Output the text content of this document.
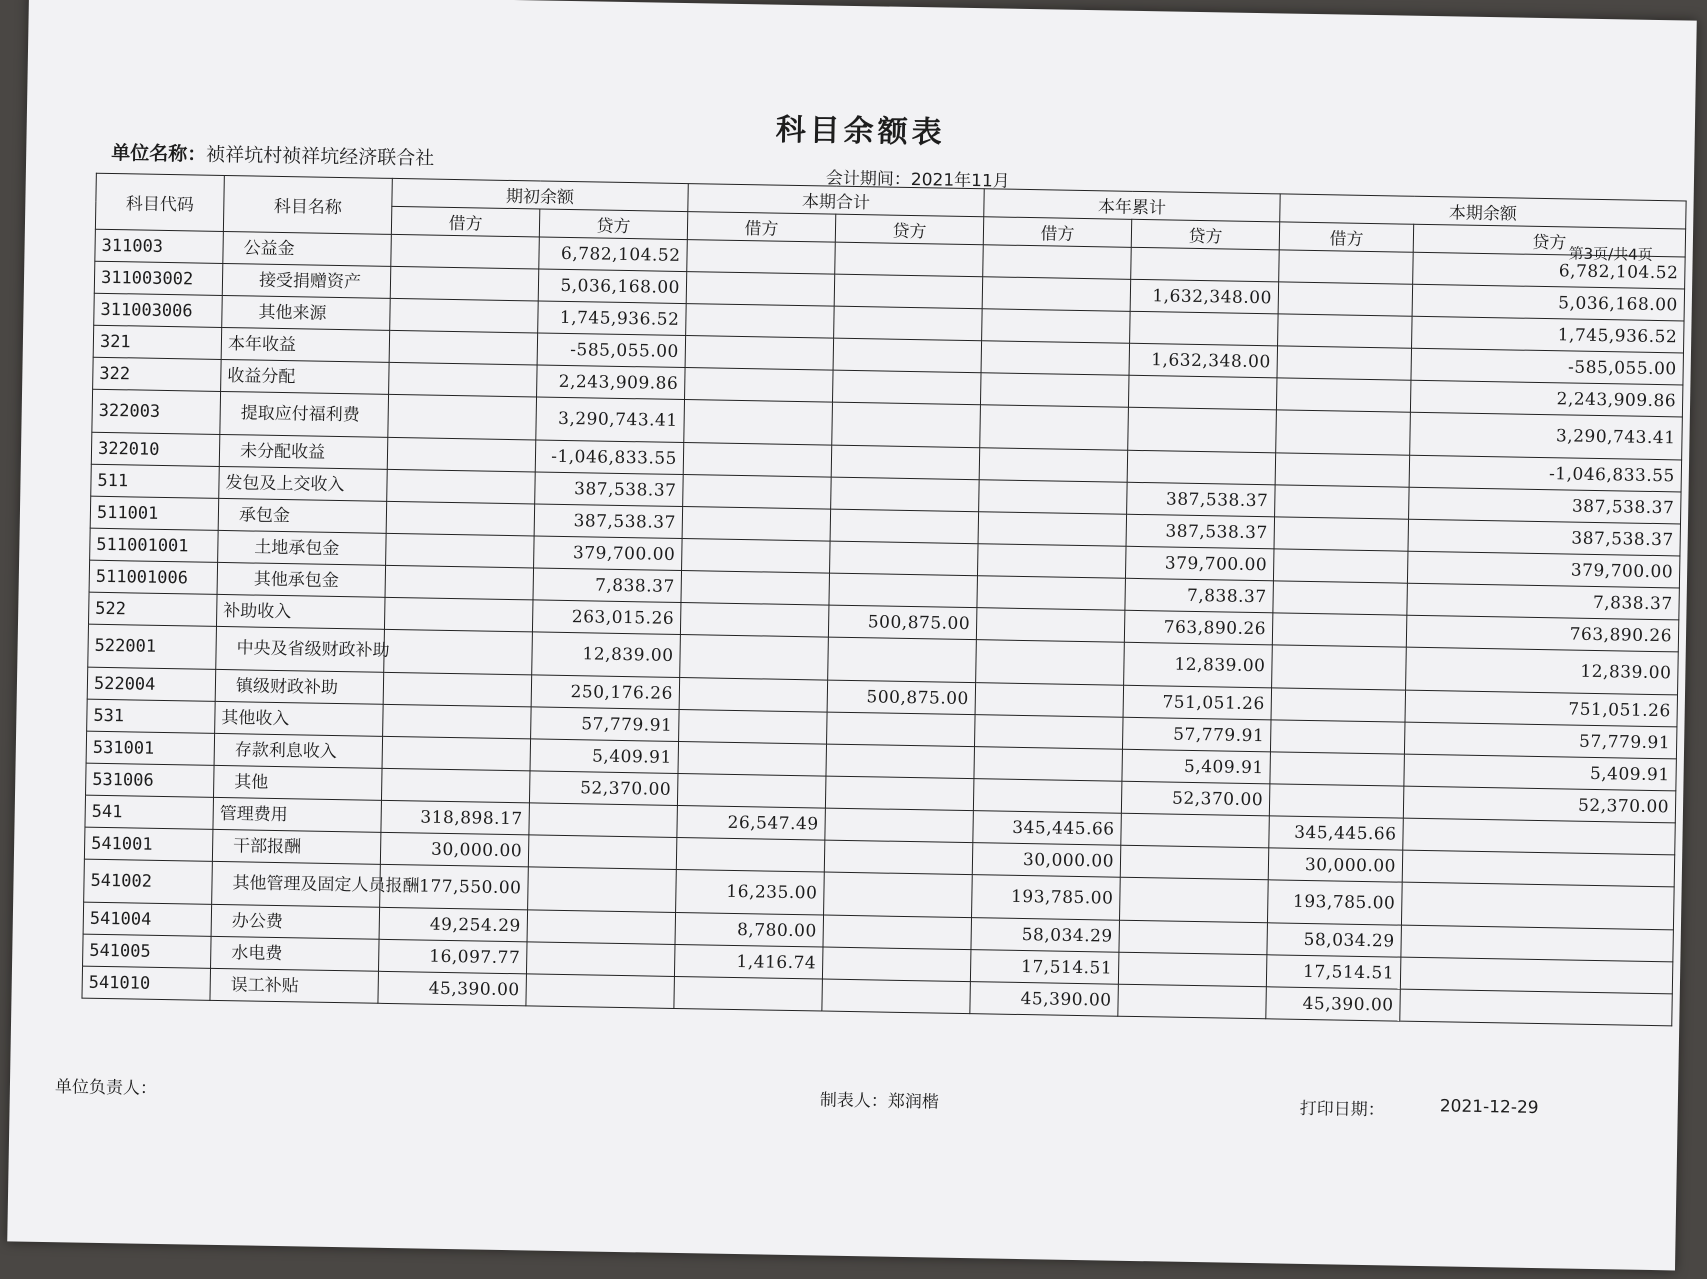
科目余额表
单位名称：祯祥坑村祯祥坑经济联合社
会计期间：2021年11月
第3页/共4页
科目代码	科目名称	期初余额		本期合计		本年累计		本期余额	
		借方	贷方	借方	贷方	借方	贷方	借方	贷方
311003	公益金		6,782,104.52						6,782,104.52
311003002	接受捐赠资产		5,036,168.00				1,632,348.00		5,036,168.00
311003006	其他来源		1,745,936.52						1,745,936.52
321	本年收益		-585,055.00				1,632,348.00		-585,055.00
322	收益分配		2,243,909.86						2,243,909.86
322003	提取应付福利费		3,290,743.41						3,290,743.41
322010	未分配收益		-1,046,833.55						-1,046,833.55
511	发包及上交收入		387,538.37				387,538.37		387,538.37
511001	承包金		387,538.37				387,538.37		387,538.37
511001001	土地承包金		379,700.00				379,700.00		379,700.00
511001006	其他承包金		7,838.37				7,838.37		7,838.37
522	补助收入		263,015.26		500,875.00		763,890.26		763,890.26
522001	中央及省级财政补助		12,839.00				12,839.00		12,839.00
522004	镇级财政补助		250,176.26		500,875.00		751,051.26		751,051.26
531	其他收入		57,779.91				57,779.91		57,779.91
531001	存款利息收入		5,409.91				5,409.91		5,409.91
531006	其他		52,370.00				52,370.00		52,370.00
541	管理费用	318,898.17		26,547.49		345,445.66		345,445.66	
541001	干部报酬	30,000.00				30,000.00		30,000.00	
541002	其他管理及固定人员报酬	177,550.00		16,235.00		193,785.00		193,785.00	
541004	办公费	49,254.29		8,780.00		58,034.29		58,034.29	
541005	水电费	16,097.77		1,416.74		17,514.51		17,514.51	
541010	误工补贴	45,390.00				45,390.00		45,390.00	
单位负责人：
制表人：郑润楷	打印日期：	2021-12-29
